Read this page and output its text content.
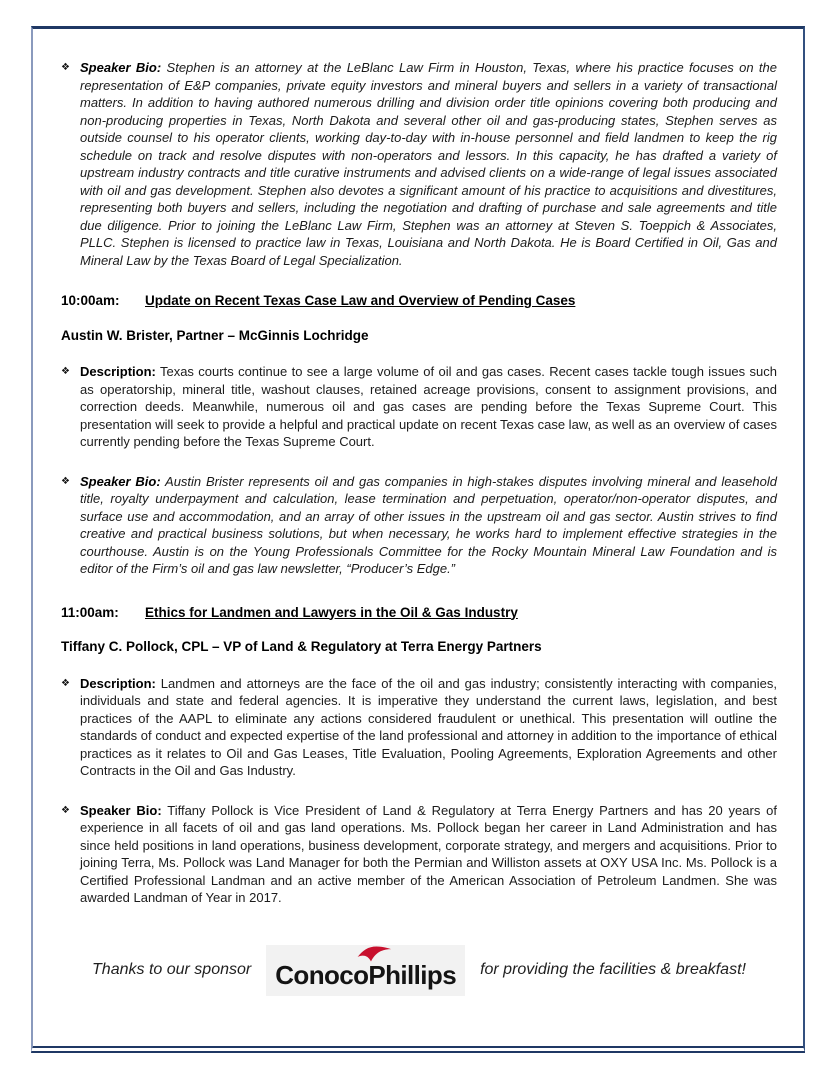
❖ Speaker Bio: Stephen is an attorney at the LeBlanc Law Firm in Houston, Texas, where his practice focuses on the representation of E&P companies, private equity investors and mineral buyers and sellers in a variety of transactional matters. In addition to having authored numerous drilling and division order title opinions covering both producing and non-producing properties in Texas, North Dakota and several other oil and gas-producing states, Stephen serves as outside counsel to his operator clients, working day-to-day with in-house personnel and field landmen to keep the rig schedule on track and resolve disputes with non-operators and lessors. In this capacity, he has drafted a variety of upstream industry contracts and title curative instruments and advised clients on a wide-range of legal issues associated with oil and gas development. Stephen also devotes a significant amount of his practice to acquisitions and divestitures, representing both buyers and sellers, including the negotiation and drafting of purchase and sale agreements and title due diligence. Prior to joining the LeBlanc Law Firm, Stephen was an attorney at Steven S. Toeppich & Associates, PLLC. Stephen is licensed to practice law in Texas, Louisiana and North Dakota. He is Board Certified in Oil, Gas and Mineral Law by the Texas Board of Legal Specialization.
10:00am: Update on Recent Texas Case Law and Overview of Pending Cases
Austin W. Brister, Partner – McGinnis Lochridge
❖ Description: Texas courts continue to see a large volume of oil and gas cases. Recent cases tackle tough issues such as operatorship, mineral title, washout clauses, retained acreage provisions, consent to assignment provisions, and correction deeds. Meanwhile, numerous oil and gas cases are pending before the Texas Supreme Court. This presentation will seek to provide a helpful and practical update on recent Texas case law, as well as an overview of cases currently pending before the Texas Supreme Court.
❖ Speaker Bio: Austin Brister represents oil and gas companies in high-stakes disputes involving mineral and leasehold title, royalty underpayment and calculation, lease termination and perpetuation, operator/non-operator disputes, and surface use and accommodation, and an array of other issues in the upstream oil and gas sector. Austin strives to find creative and practical business solutions, but when necessary, he works hard to implement effective strategies in the courthouse. Austin is on the Young Professionals Committee for the Rocky Mountain Mineral Law Foundation and is editor of the Firm’s oil and gas law newsletter, “Producer’s Edge.”
11:00am: Ethics for Landmen and Lawyers in the Oil & Gas Industry
Tiffany C. Pollock, CPL – VP of Land & Regulatory at Terra Energy Partners
❖ Description: Landmen and attorneys are the face of the oil and gas industry; consistently interacting with companies, individuals and state and federal agencies. It is imperative they understand the current laws, legislation, and best practices of the AAPL to eliminate any actions considered fraudulent or unethical. This presentation will outline the standards of conduct and expected expertise of the land professional and attorney in addition to the importance of ethical practices as it relates to Oil and Gas Leases, Title Evaluation, Pooling Agreements, Exploration Agreements and other Contracts in the Oil and Gas Industry.
❖ Speaker Bio: Tiffany Pollock is Vice President of Land & Regulatory at Terra Energy Partners and has 20 years of experience in all facets of oil and gas land operations. Ms. Pollock began her career in Land Administration and has since held positions in land operations, business development, corporate strategy, and mergers and acquisitions. Prior to joining Terra, Ms. Pollock was Land Manager for both the Permian and Williston assets at OXY USA Inc. Ms. Pollock is a Certified Professional Landman and an active member of the American Association of Petroleum Landmen. She was awarded Landman of Year in 2017.
Thanks to our sponsor ConocoPhillips	for providing the facilities & breakfast!
